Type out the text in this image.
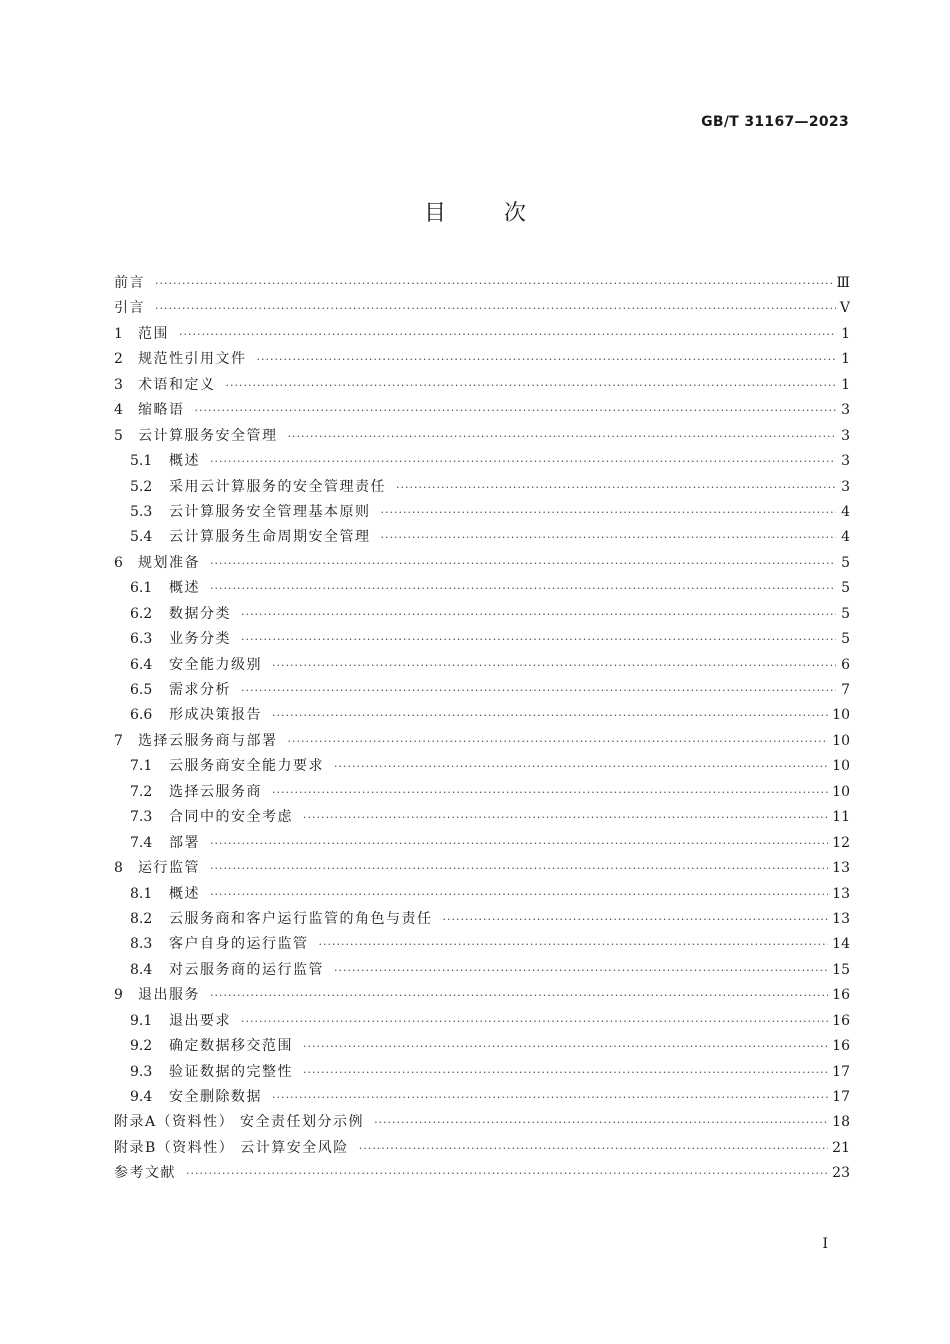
GB/T 31167—2023
目次
前言 ·····	Ⅲ
引言 ·····	Ⅴ
1	范围 ·····	1
2	规范性引用文件 ·····	1
3	术语和定义 ·····	1
4	缩略语 ·····	3
5	云计算服务安全管理 ·····	3
5.1	概述 ·····	3
5.2	采用云计算服务的安全管理责任 ·····	3
5.3	云计算服务安全管理基本原则 ·····	4
5.4	云计算服务生命周期安全管理 ·····	4
6	规划准备 ·····	5
6.1	概述 ·····	5
6.2	数据分类 ·····	5
6.3	业务分类 ·····	5
6.4	安全能力级别 ·····	6
6.5	需求分析 ·····	7
6.6	形成决策报告 ·····	10
7	选择云服务商与部署 ·····	10
7.1	云服务商安全能力要求 ·····	10
7.2	选择云服务商 ·····	10
7.3	合同中的安全考虑 ·····	11
7.4	部署 ·····	12
8	运行监管 ·····	13
8.1	概述 ·····	13
8.2	云服务商和客户运行监管的角色与责任 ·····	13
8.3	客户自身的运行监管 ·····	14
8.4	对云服务商的运行监管 ·····	15
9	退出服务 ·····	16
9.1	退出要求 ·····	16
9.2	确定数据移交范围 ·····	16
9.3	验证数据的完整性 ·····	17
9.4	安全删除数据 ·····	17
附录A（资料性） 安全责任划分示例 ·····	18
附录B（资料性） 云计算安全风险 ·····	21
参考文献 ·····	23
Ⅰ
